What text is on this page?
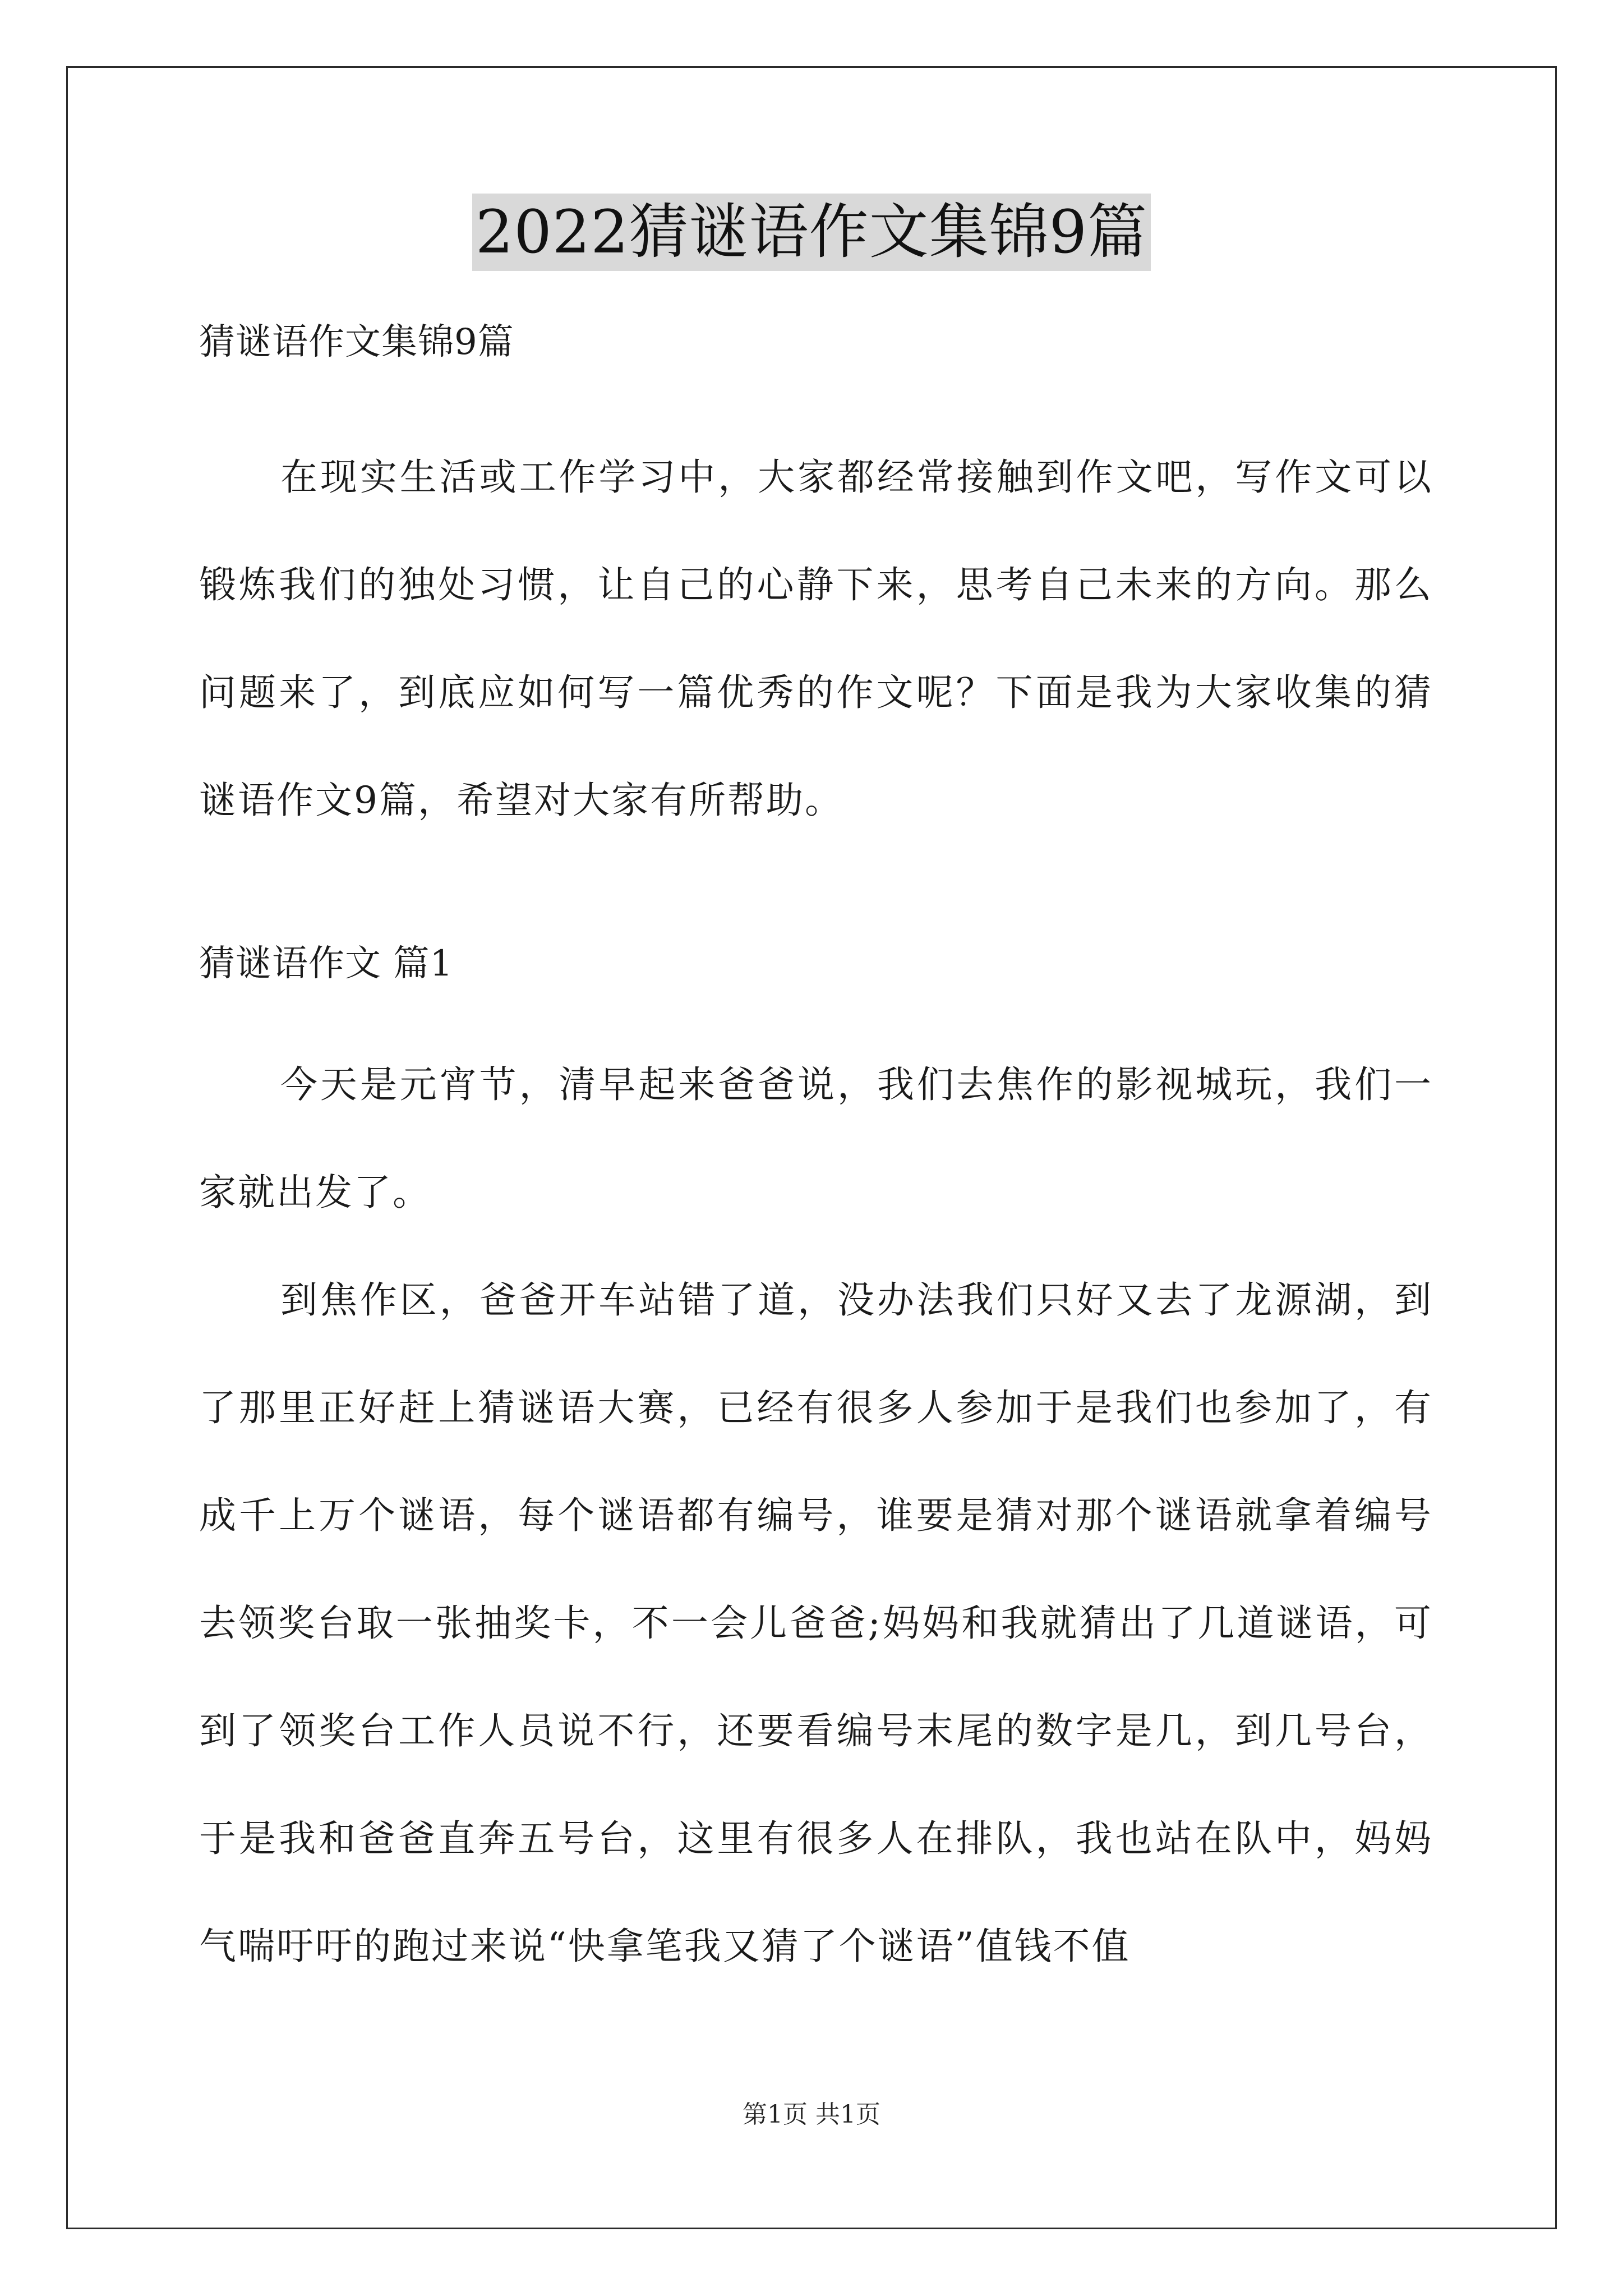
2022猜谜语作文集锦9篇

猜谜语作文集锦9篇

在现实生活或工作学习中，大家都经常接触到作文吧，写作文可以锻炼我们的独处习惯，让自己的心静下来，思考自己未来的方向。那么问题来了，到底应如何写一篇优秀的作文呢？下面是我为大家收集的猜谜语作文9篇，希望对大家有所帮助。

猜谜语作文 篇1

今天是元宵节，清早起来爸爸说，我们去焦作的影视城玩，我们一家就出发了。

到焦作区，爸爸开车站错了道，没办法我们只好又去了龙源湖，到了那里正好赶上猜谜语大赛，已经有很多人参加于是我们也参加了，有成千上万个谜语，每个谜语都有编号，谁要是猜对那个谜语就拿着编号去领奖台取一张抽奖卡，不一会儿爸爸;妈妈和我就猜出了几道谜语，可到了领奖台工作人员说不行，还要看编号末尾的数字是几，到几号台，于是我和爸爸直奔五号台，这里有很多人在排队，我也站在队中，妈妈气喘吁吁的跑过来说“快拿笔我又猜了个谜语”值钱不值

第1页 共1页
